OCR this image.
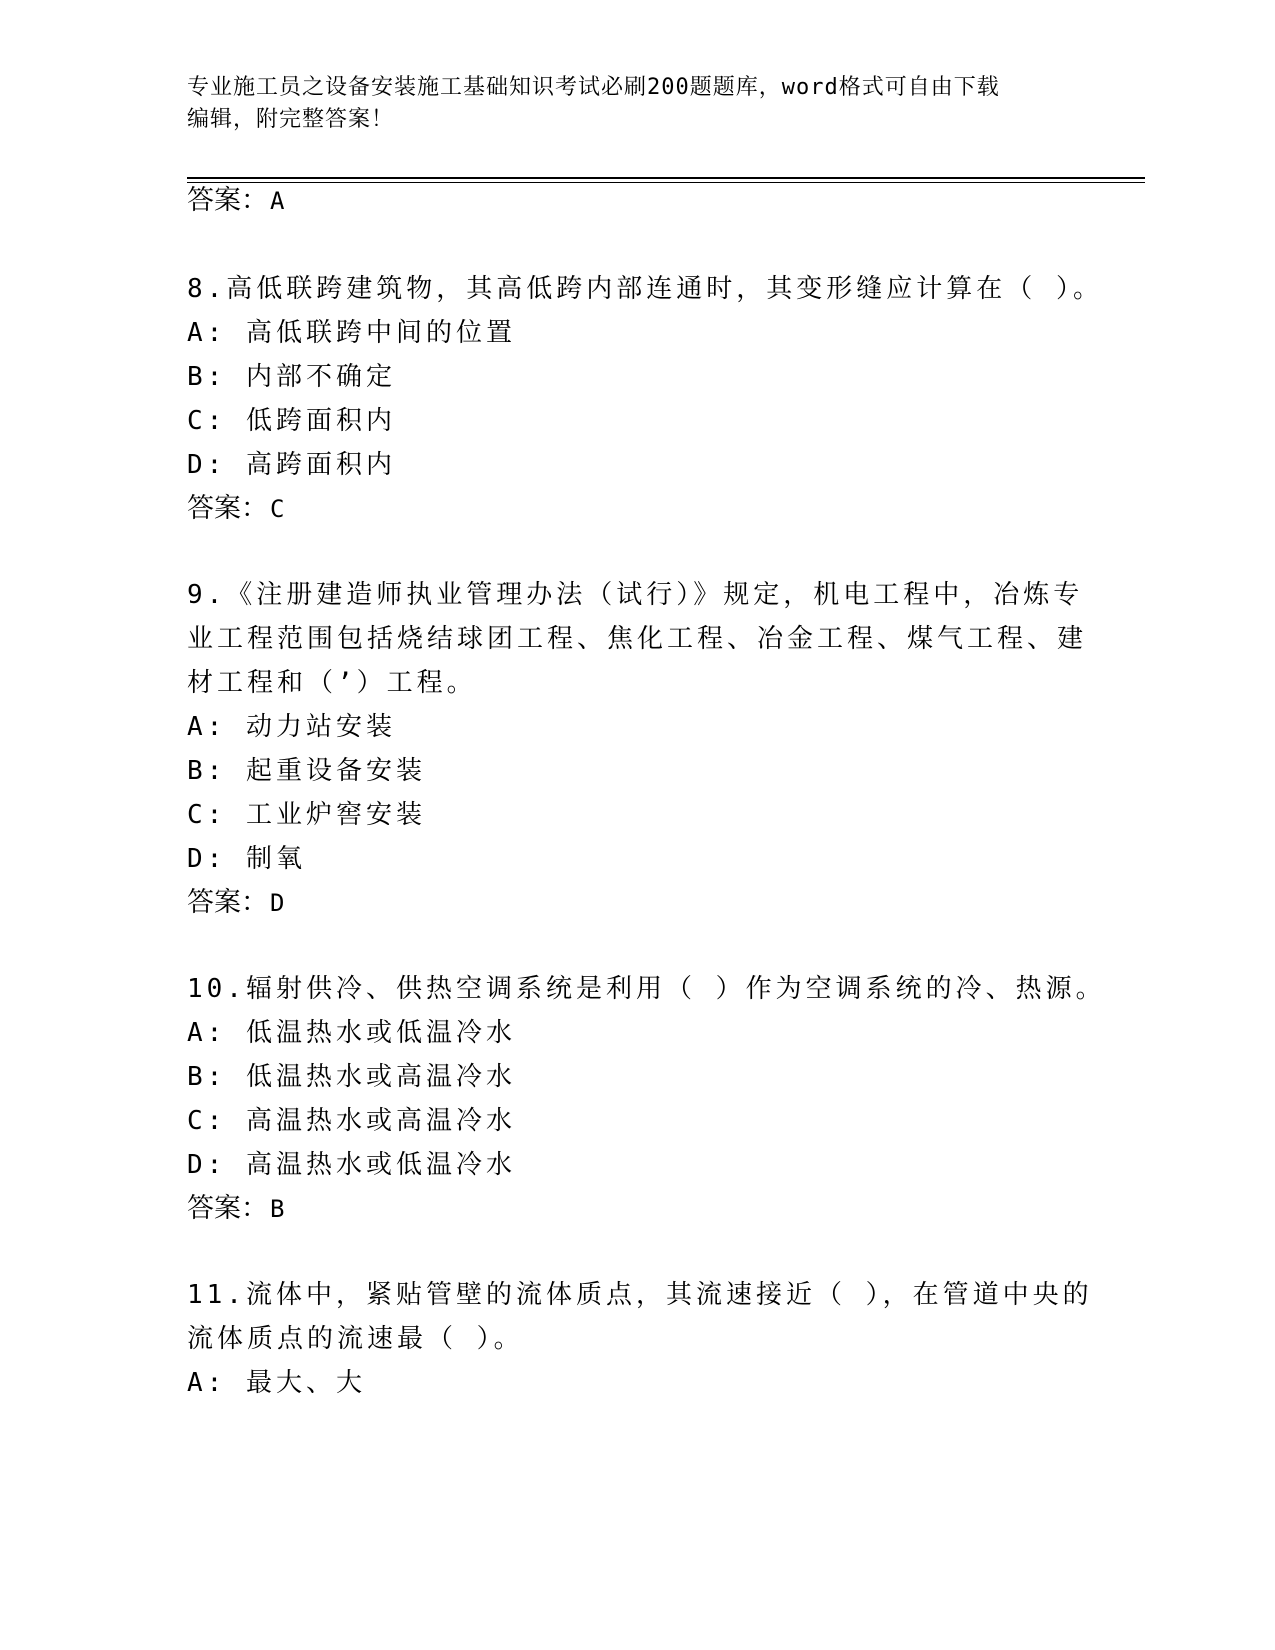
专业施工员之设备安装施工基础知识考试必刷200题题库，word格式可自由下载
编辑，附完整答案！
答案：A
8.高低联跨建筑物，其高低跨内部连通时，其变形缝应计算在（ ）。
A: 高低联跨中间的位置
B: 内部不确定
C: 低跨面积内
D: 高跨面积内
答案：C
9.《注册建造师执业管理办法（试行）》规定，机电工程中，冶炼专
业工程范围包括烧结球团工程、焦化工程、冶金工程、煤气工程、建
材工程和（’）工程。
A: 动力站安装
B: 起重设备安装
C: 工业炉窖安装
D: 制氧
答案：D
10.辐射供冷、供热空调系统是利用（ ）作为空调系统的冷、热源。
A: 低温热水或低温冷水
B: 低温热水或高温冷水
C: 高温热水或高温冷水
D: 高温热水或低温冷水
答案：B
11.流体中，紧贴管壁的流体质点，其流速接近（ ），在管道中央的
流体质点的流速最（ ）。
A: 最大、大
